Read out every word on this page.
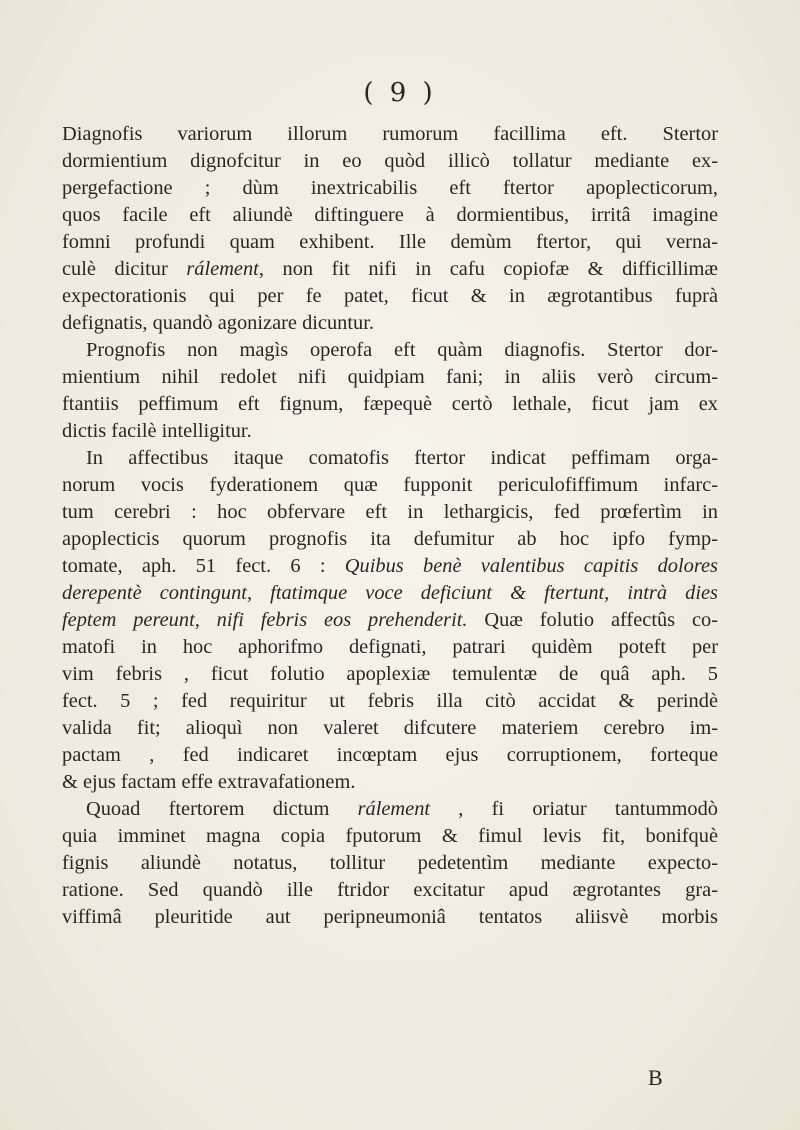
( 9 )
Diagnofis variorum illorum rumorum facillima eft. Stertor
dormientium dignofcitur in eo quòd illicò tollatur mediante ex-
pergefactione ; dùm inextricabilis eft ftertor apoplecticorum,
quos facile eft aliundè diftinguere à dormientibus, irritâ imagine
fomni profundi quam exhibent. Ille demùm ftertor, qui verna-
culè dicitur rálement, non fit nifi in cafu copiofæ & difficillimæ
expectorationis qui per fe patet, ficut & in ægrotantibus fuprà
defignatis, quandò agonizare dicuntur.
Prognofis non magìs operofa eft quàm diagnofis. Stertor dor-
mientium nihil redolet nifi quidpiam fani; in aliis verò circum-
ftantiis peffimum eft fignum, fæpequè certò lethale, ficut jam ex
dictis facilè intelligitur.
In affectibus itaque comatofis ftertor indicat peffimam orga-
norum vocis fyderationem quæ fupponit periculofiffimum infarc-
tum cerebri : hoc obfervare eft in lethargicis, fed prœfertìm in
apoplecticis quorum prognofis ita defumitur ab hoc ipfo fymp-
tomate, aph. 51 fect. 6 : Quibus benè valentibus capitis dolores
derepentè contingunt, ftatimque voce deficiunt & ftertunt, intrà dies
feptem pereunt, nifi febris eos prehenderit. Quæ folutio affectûs co-
matofi in hoc aphorifmo defignati, patrari quidèm poteft per
vim febris , ficut folutio apoplexiæ temulentæ de quâ aph. 5
fect. 5 ; fed requiritur ut febris illa citò accidat & perindè
valida fit; alioquì non valeret difcutere materiem cerebro im-
pactam , fed indicaret incœptam ejus corruptionem, forteque
& ejus factam effe extravafationem.
Quoad ftertorem dictum rálement , fi oriatur tantummodò
quia imminet magna copia fputorum & fimul levis fit, bonifquè
fignis aliundè notatus, tollitur pedetentìm mediante expecto-
ratione. Sed quandò ille ftridor excitatur apud ægrotantes gra-
viffimâ pleuritide aut peripneumoniâ tentatos aliisvè morbis
B
